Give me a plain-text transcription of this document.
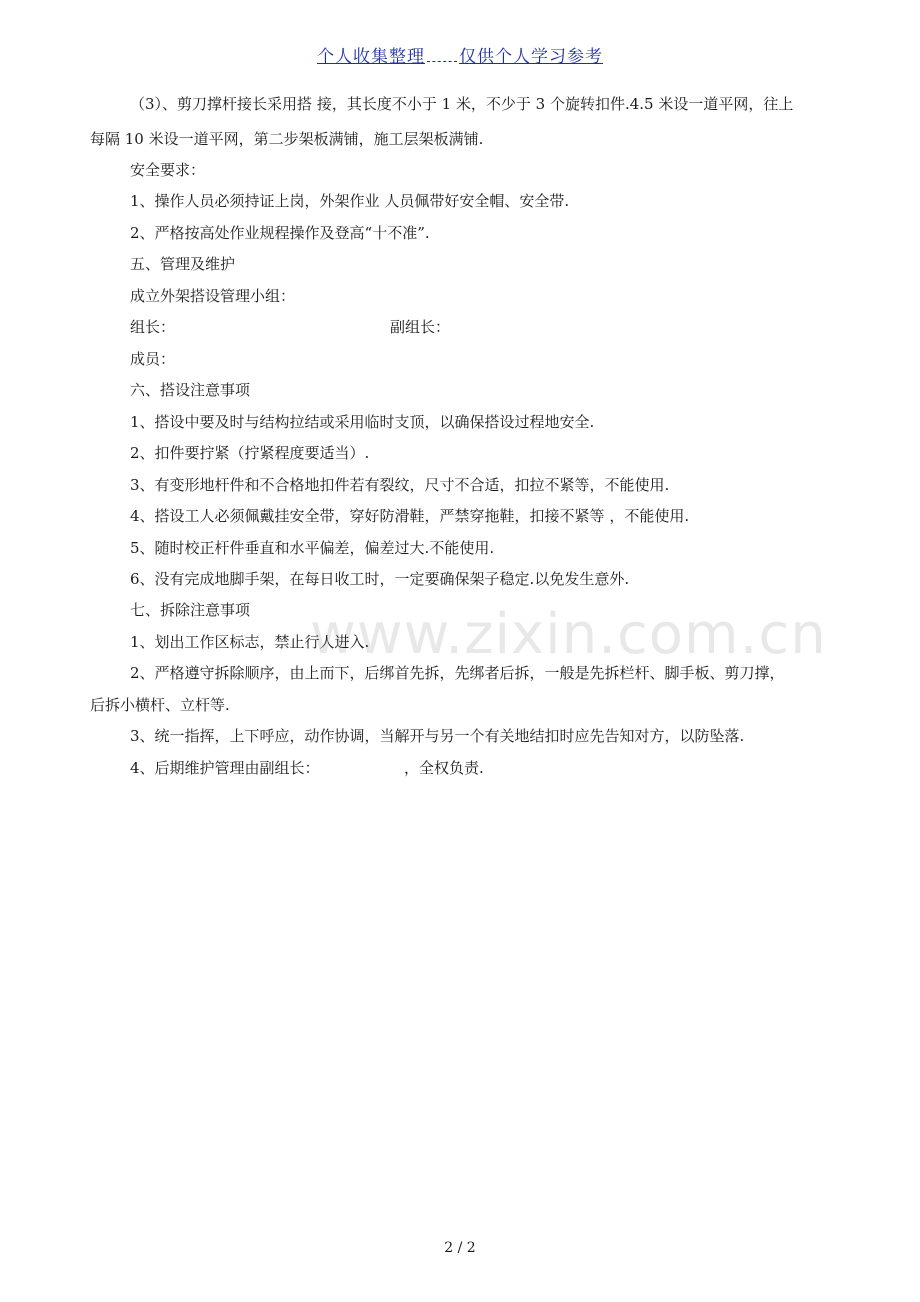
个人收集整理 仅供个人学习参考
www.zixin.com.cn
（3）、剪刀撑杆接长采用搭 接，其长度不小于 1 米，不少于 3 个旋转扣件.4.5 米设一道平网，往上
每隔 10 米设一道平网，第二步架板满铺，施工层架板满铺.
安全要求：
1、操作人员必须持证上岗，外架作业 人员佩带好安全帽、安全带.
2、严格按高处作业规程操作及登高“十不准”.
五、管理及维护
成立外架搭设管理小组：
组长：	副组长：
成员：
六、搭设注意事项
1、搭设中要及时与结构拉结或采用临时支顶，以确保搭设过程地安全.
2、扣件要拧紧（拧紧程度要适当）.
3、有变形地杆件和不合格地扣件若有裂纹，尺寸不合适，扣拉不紧等，不能使用.
4、搭设工人必须佩戴挂安全带，穿好防滑鞋，严禁穿拖鞋，扣接不紧等 ，不能使用.
5、随时校正杆件垂直和水平偏差，偏差过大.不能使用.
6、没有完成地脚手架，在每日收工时，一定要确保架子稳定.以免发生意外.
七、拆除注意事项
1、划出工作区标志，禁止行人进入.
2、严格遵守拆除顺序，由上而下，后绑首先拆，先绑者后拆，一般是先拆栏杆、脚手板、剪刀撑，
后拆小横杆、立杆等.
3、统一指挥，上下呼应，动作协调，当解开与另一个有关地结扣时应先告知对方，以防坠落.
4、后期维护管理由副组长：	，全权负责.
2 / 2
